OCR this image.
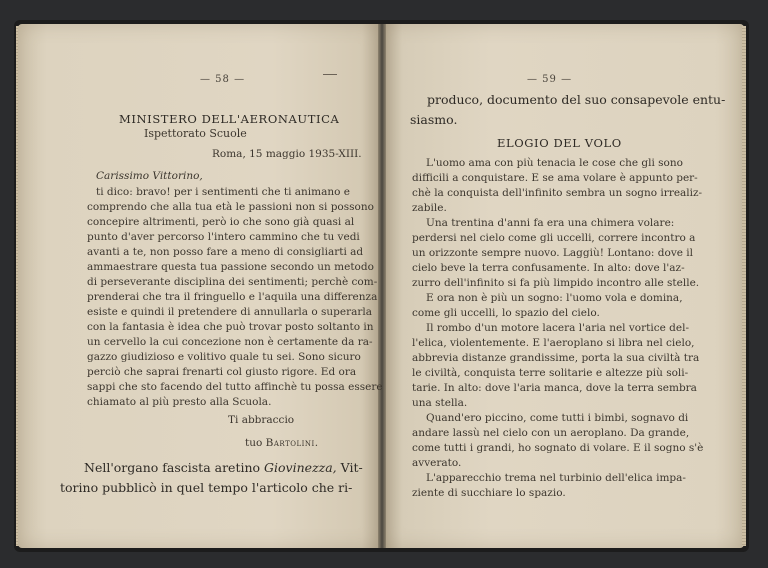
— 58 —
MINISTERO DELL'AERONAUTICA
Ispettorato Scuole
Roma, 15 maggio 1935-XIII.
Carissimo Vittorino,
ti dico: bravo! per i sentimenti che ti animano e
comprendo che alla tua età le passioni non si possono
concepire altrimenti, però io che sono già quasi al
punto d'aver percorso l'intero cammino che tu vedi
avanti a te, non posso fare a meno di consigliarti ad
ammaestrare questa tua passione secondo un metodo
di perseverante disciplina dei sentimenti; perchè com-
prenderai che tra il fringuello e l'aquila una differenza
esiste e quindi il pretendere di annullarla o superarla
con la fantasia è idea che può trovar posto soltanto in
un cervello la cui concezione non è certamente da ra-
gazzo giudizioso e volitivo quale tu sei. Sono sicuro
perciò che saprai frenarti col giusto rigore. Ed ora
sappi che sto facendo del tutto affinchè tu possa essere
chiamato al più presto alla Scuola.
Ti abbraccio
tuo Bartolini.
Nell'organo fascista aretino Giovinezza, Vit-
torino pubblicò in quel tempo l'articolo che ri-
— 59 —
produco, documento del suo consapevole entu-
siasmo.
ELOGIO DEL VOLO
L'uomo ama con più tenacia le cose che gli sono
difficili a conquistare. E se ama volare è appunto per-
chè la conquista dell'infinito sembra un sogno irrealiz-
zabile.
Una trentina d'anni fa era una chimera volare:
perdersi nel cielo come gli uccelli, correre incontro a
un orizzonte sempre nuovo. Laggiù! Lontano: dove il
cielo beve la terra confusamente. In alto: dove l'az-
zurro dell'infinito si fa più limpido incontro alle stelle.
E ora non è più un sogno: l'uomo vola e domina,
come gli uccelli, lo spazio del cielo.
Il rombo d'un motore lacera l'aria nel vortice del-
l'elica, violentemente. E l'aeroplano si libra nel cielo,
abbrevia distanze grandissime, porta la sua civiltà tra
le civiltà, conquista terre solitarie e altezze più soli-
tarie. In alto: dove l'aria manca, dove la terra sembra
una stella.
Quand'ero piccino, come tutti i bimbi, sognavo di
andare lassù nel cielo con un aeroplano. Da grande,
come tutti i grandi, ho sognato di volare. E il sogno s'è
avverato.
L'apparecchio trema nel turbinio dell'elica impa-
ziente di succhiare lo spazio.
